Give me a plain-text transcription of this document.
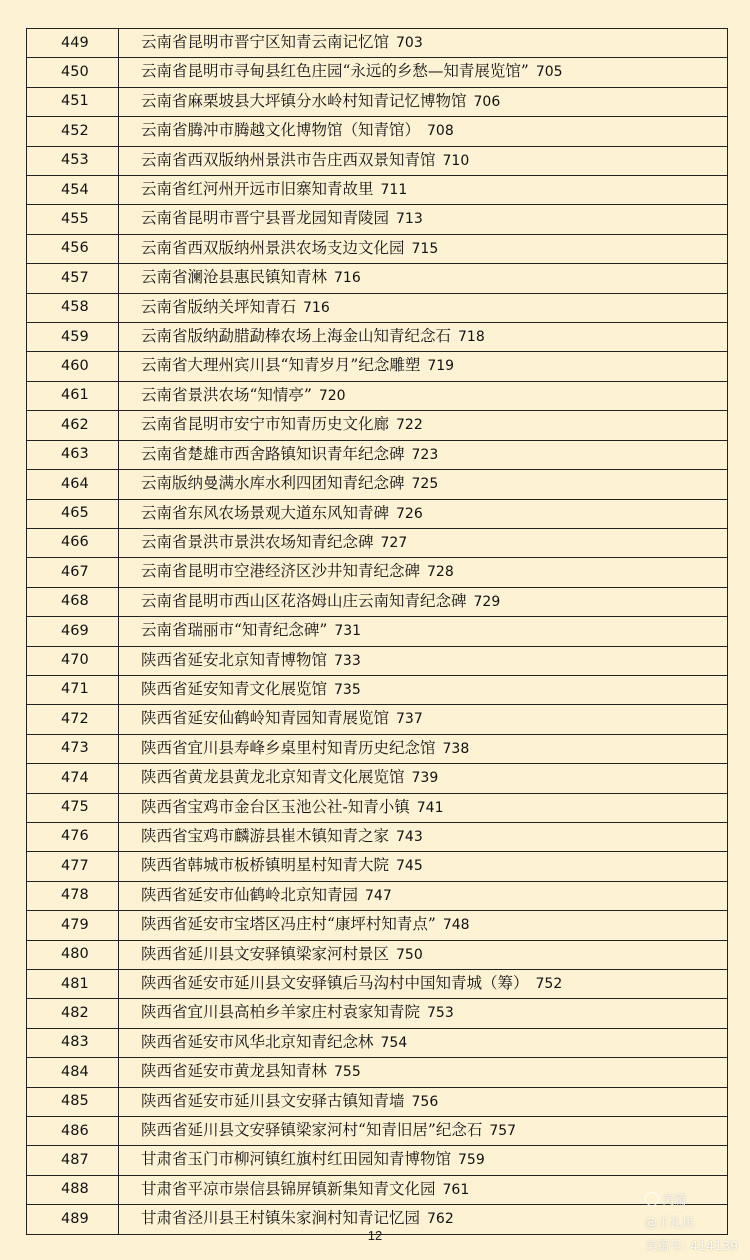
449	云南省昆明市晋宁区知青云南记忆馆 703
450	云南省昆明市寻甸县红色庄园“永远的乡愁—知青展览馆” 705
451	云南省麻栗坡县大坪镇分水岭村知青记忆博物馆 706
452	云南省腾冲市腾越文化博物馆（知青馆） 708
453	云南省西双版纳州景洪市告庄西双景知青馆 710
454	云南省红河州开远市旧寨知青故里 711
455	云南省昆明市晋宁县晋龙园知青陵园 713
456	云南省西双版纳州景洪农场支边文化园 715
457	云南省澜沧县惠民镇知青林 716
458	云南省版纳关坪知青石 716
459	云南省版纳勐腊勐棒农场上海金山知青纪念石 718
460	云南省大理州宾川县“知青岁月”纪念雕塑 719
461	云南省景洪农场“知情亭” 720
462	云南省昆明市安宁市知青历史文化廊 722
463	云南省楚雄市西舍路镇知识青年纪念碑 723
464	云南版纳曼满水库水利四团知青纪念碑 725
465	云南省东风农场景观大道东风知青碑 726
466	云南省景洪市景洪农场知青纪念碑 727
467	云南省昆明市空港经济区沙井知青纪念碑 728
468	云南省昆明市西山区花洛姆山庄云南知青纪念碑 729
469	云南省瑞丽市“知青纪念碑” 731
470	陕西省延安北京知青博物馆 733
471	陕西省延安知青文化展览馆 735
472	陕西省延安仙鹤岭知青园知青展览馆 737
473	陕西省宜川县寿峰乡桌里村知青历史纪念馆 738
474	陕西省黄龙县黄龙北京知青文化展览馆 739
475	陕西省宝鸡市金台区玉池公社-知青小镇 741
476	陕西省宝鸡市麟游县崔木镇知青之家 743
477	陕西省韩城市板桥镇明星村知青大院 745
478	陕西省延安市仙鹤岭北京知青园 747
479	陕西省延安市宝塔区冯庄村“康坪村知青点” 748
480	陕西省延川县文安驿镇梁家河村景区 750
481	陕西省延安市延川县文安驿镇后马沟村中国知青城（筹） 752
482	陕西省宜川县高柏乡羊家庄村袁家知青院 753
483	陕西省延安市风华北京知青纪念林 754
484	陕西省延安市黄龙县知青林 755
485	陕西省延安市延川县文安驿古镇知青墙 756
486	陕西省延川县文安驿镇梁家河村“知青旧居”纪念石 757
487	甘肃省玉门市柳河镇红旗村红田园知青博物馆 759
488	甘肃省平凉市崇信县锦屏镇新集知青文化园 761
489	甘肃省泾川县王村镇朱家涧村知青记忆园 762
12
美篇
@王礼民
美篇号: 414139
